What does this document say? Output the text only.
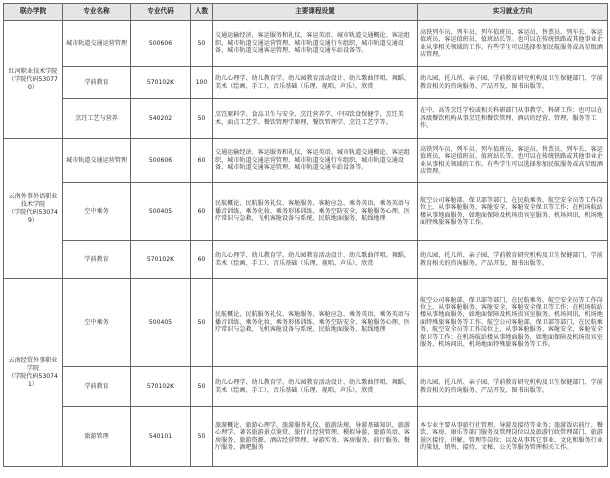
联办学院	专业名称	专业代码	人数	主要课程设置	实习就业方向

红河职业技术学院
（学院代码530770）	城市轨道交通运营管理	500606	50	交通运输经济、客运服务和礼仪、客运英语、城市轨道交通概论、客运组织、城市轨道交通运营管理、城市轨道交通行车组织、城市轨道交通设备、城市轨道交通客运管理、城市轨道交通车站设备等。	高铁列车员、列车员、列车值班员、客运员、售票员、列车长、客运值班员、客运值班员、值班站长等。也可以在传统铁路或其他事业企业从事相关领域的工作。有些学生可以选择参加民航服务或高星级酒店管理。
	学前教育	570102K	100	幼儿心理学、幼儿教育学、幼儿园教育活动设计、幼儿歌曲伴唱、舞蹈、美术（绘画、手工）、音乐基础（乐理、视唱、声乐）、欣赏	幼儿园、托儿所、亲子园、学前教育研究机构及卫生保健部门、学前教育相关的咨询服务、产品开发、图书出版等。
	烹饪工艺与营养	540202	50	烹饪原料学、食品卫生与安全、烹饪营养学、中国饮食保健学、烹饪美术、面点工艺学、餐饮管理学原理、餐饮管理学、烹饪工艺学等。	在中、高等烹饪学校或相关科研部门从事教学、科研工作；也可以在各级餐饮机构从事烹饪和餐饮管理、酒店的经营、管理、服务等工作。

云南外事外语职业技术学院
（学院代码530749）	城市轨道交通运营管理	500606	60	交通运输经济、客运服务和礼仪、客运英语、城市轨道交通概论、客运组织、城市轨道交通运营管理、城市轨道交通行车组织、城市轨道交通设备、城市轨道交通客运管理、城市轨道交通车站设备等。	高铁列车员、列车员、列车值班员、客运员、售票员、列车长、客运值班员、客运值班员、值班站长等。也可以在传统铁路或其他事业企业从事相关领域的工作。有些学生可以选择参加民航服务或高星级酒店管理。
	空中乘务	500405	60	民航概论、民航服务礼仪、客舱服务、客舱应急、乘务英语、乘务英语与播音训练、乘务化妆、乘务形体训练、乘务空防安全、客舱服务心理、医疗常识与急救、飞机客舱设备与系统、民航地面服务、航线地理	航空公司客舱部、保卫部等部门，在民航乘务、航空安全员等工作岗位上，从事客舱服务、客舱安全、客舱安全保卫等工作；在机场航站楼从事地面服务，如地面保障及机场贵宾室服务、机场问讯、机场地面特殊旅客服务等工作。
	学前教育	570102K	60	幼儿心理学、幼儿教育学、幼儿园教育活动设计、幼儿歌曲伴唱、舞蹈、美术（绘画、手工）、音乐基础（乐理、视唱、声乐）、欣赏	幼儿园、托儿所、亲子园、学前教育研究机构及卫生保健部门、学前教育相关的咨询服务、产品开发、图书出版等。

云南经贸外事职业学院
（学院代码530741）	空中乘务	500405	50	民航概论、民航服务礼仪、客舱服务、客舱应急、乘务英语、乘务英语与播音训练、乘务化妆、乘务形体训练、乘务空防安全、客舱服务心理、医疗常识与急救、飞机客舱设备与系统、民航地面服务、航线地理	航空公司客舱部、保卫部等部门，在民航乘务、航空安全员等工作岗位上，从事客舱服务、客舱安全、客舱安全保卫等工作；在机场航站楼从事地面服务，如地面保障及机场贵宾室服务、机场问讯、机场地面特殊旅客服务等工作。航空公司客舱部、保卫部等部门，在民航乘务、航空安全员等工作岗位上，从事客舱服务、客舱安全、客舱安全保卫等工作；在机场航站楼从事地面服务，如地面保障及机场贵宾室服务、机场问讯、机场地面特殊旅客服务等工作。
	学前教育	570102K	50	幼儿心理学、幼儿教育学、幼儿园教育活动设计、幼儿歌曲伴唱、舞蹈、美术（绘画、手工）、音乐基础（乐理、视唱、声乐）、欣赏	幼儿园、托儿所、亲子园、学前教育研究机构及卫生保健部门、学前教育相关的咨询服务、产品开发、图书出版等。
	旅游管理	540101	50	旅游概论、旅游心理学、旅游服务礼仪、旅游法规、导游基础知识、旅游心理学、著名旅游景点鉴赏、旅行社经营管理、模拟导游、旅游英语、客房服务、旅游资源、酒店经营管理、导游实务、客房服务、前厅服务、餐厅服务、酒吧服务	本专业主要从事旅行社管理，导游及接待等业务；旅游饭店前厅、餐饮、客房、康乐等部门服务及管理岗位以及旅游行政管理部门、旅游景区接待、讲解、管理等岗位；以及从事其它事业、文化和服务行业的策划、销售、接待、文秘、公关等服务管理相关工作。
